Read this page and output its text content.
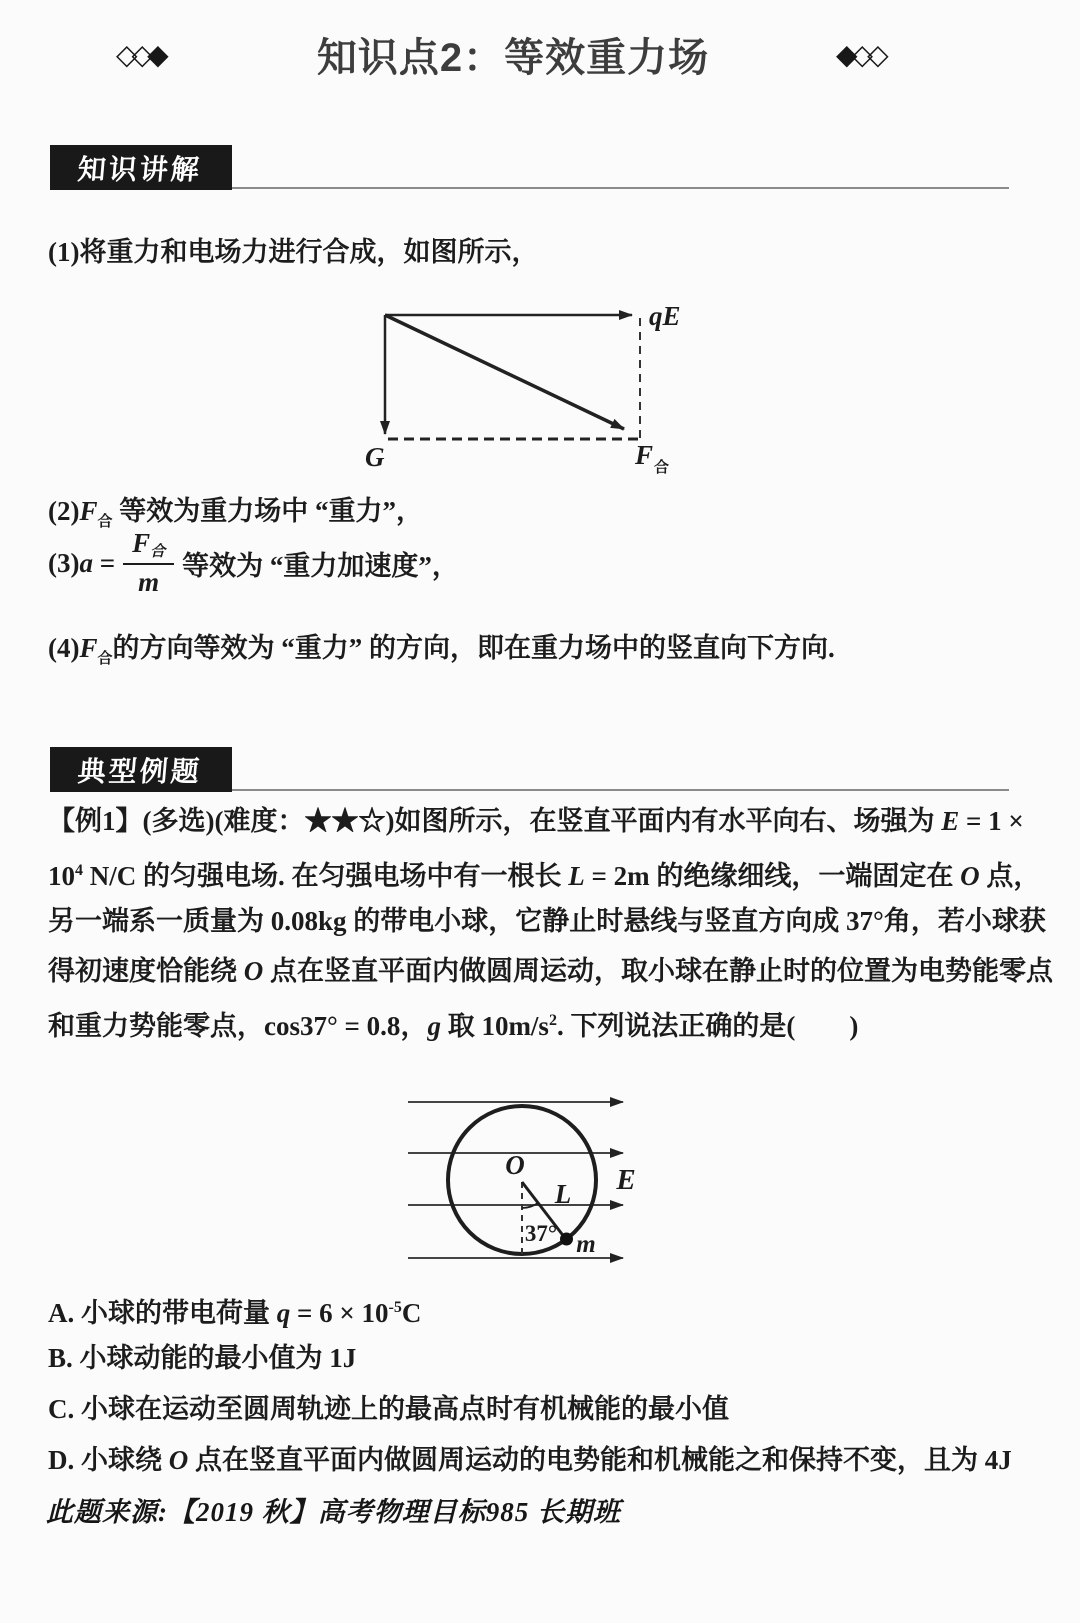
◇◇◆	知识点2：等效重力场	◆◇◇
知识讲解

(1)将重力和电场力进行合成，如图所示，

qE
G	F 合

$(2)F_合$ 等效为重力场中 “重力”，

$(3)a = \frac{\text{F合}}{m}$ 等效为 “重力加速度”，

$(4)F_合$的方向等效为 “重力” 的方向，即在重力场中的竖直向下方向.

典型例题
【例1】(多选)(难度：★★☆)如图所示，在竖直平面内有水平向右、场强为 E = 1 ×
$10^4$ N/C 的匀强电场. 在匀强电场中有一根长 L = 2m 的绝缘细线，一端固定在 O 点，
另一端系一质量为 0.08kg 的带电小球，它静止时悬线与竖直方向成 37°角，若小球获
得初速度恰能绕 O 点在竖直平面内做圆周运动，取小球在静止时的位置为电势能零点
和重力势能零点，cos37° = 0.8，g 取 $10m/s^2$. 下列说法正确的是(　　)
O
L E
37° m
A. 小球的带电荷量 $q = 6 \times 10^{-5}C$
B. 小球动能的最小值为 1J
C. 小球在运动至圆周轨迹上的最高点时有机械能的最小值
D. 小球绕 O 点在竖直平面内做圆周运动的电势能和机械能之和保持不变，且为 4J
此题来源:【2019 秋】高考物理目标985 长期班
